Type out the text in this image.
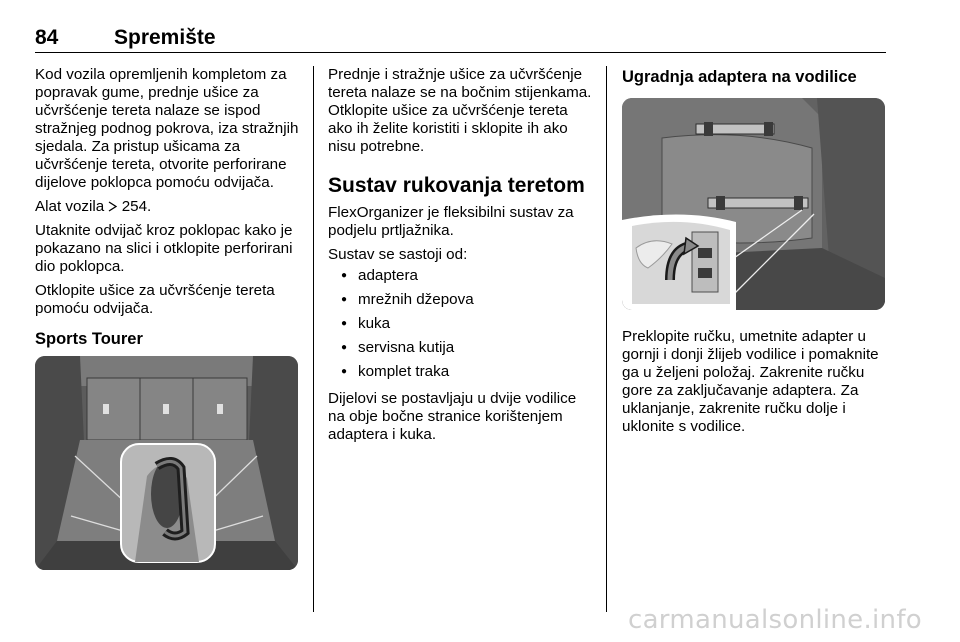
84	Spremište

Kod vozila opremljenih kompletom za popravak gume, prednje ušice za učvršćenje tereta nalaze se ispod stražnjeg podnog pokrova, iza stražnjih sjedala. Za pristup ušicama za učvršćenje tereta, otvorite perforirane dijelove poklopca pomoću odvijača.

Alat vozila 254.

Utaknite odvijač kroz poklopac kako je pokazano na slici i otklopite perforirani dio poklopca.

Otklopite ušice za učvršćenje tereta pomoću odvijača.

Sports Tourer

Prednje i stražnje ušice za učvršćenje tereta nalaze se na bočnim stijenkama. Otklopite ušice za učvršćenje tereta ako ih želite koristiti i sklopite ih ako nisu potrebne.

Sustav rukovanja teretom

FlexOrganizer je fleksibilni sustav za podjelu prtljažnika.

Sustav se sastoji od:

● adaptera
● mrežnih džepova
● kuka
● servisna kutija
● komplet traka

Dijelovi se postavljaju u dvije vodilice na obje bočne stranice korištenjem adaptera i kuka.

Ugradnja adaptera na vodilice

Preklopite ručku, umetnite adapter u gornji i donji žlijeb vodilice i pomaknite ga u željeni položaj. Zakrenite ručku gore za zaključavanje adaptera. Za uklanjanje, zakrenite ručku dolje i uklonite s vodilice.

carmanualsonline.info
